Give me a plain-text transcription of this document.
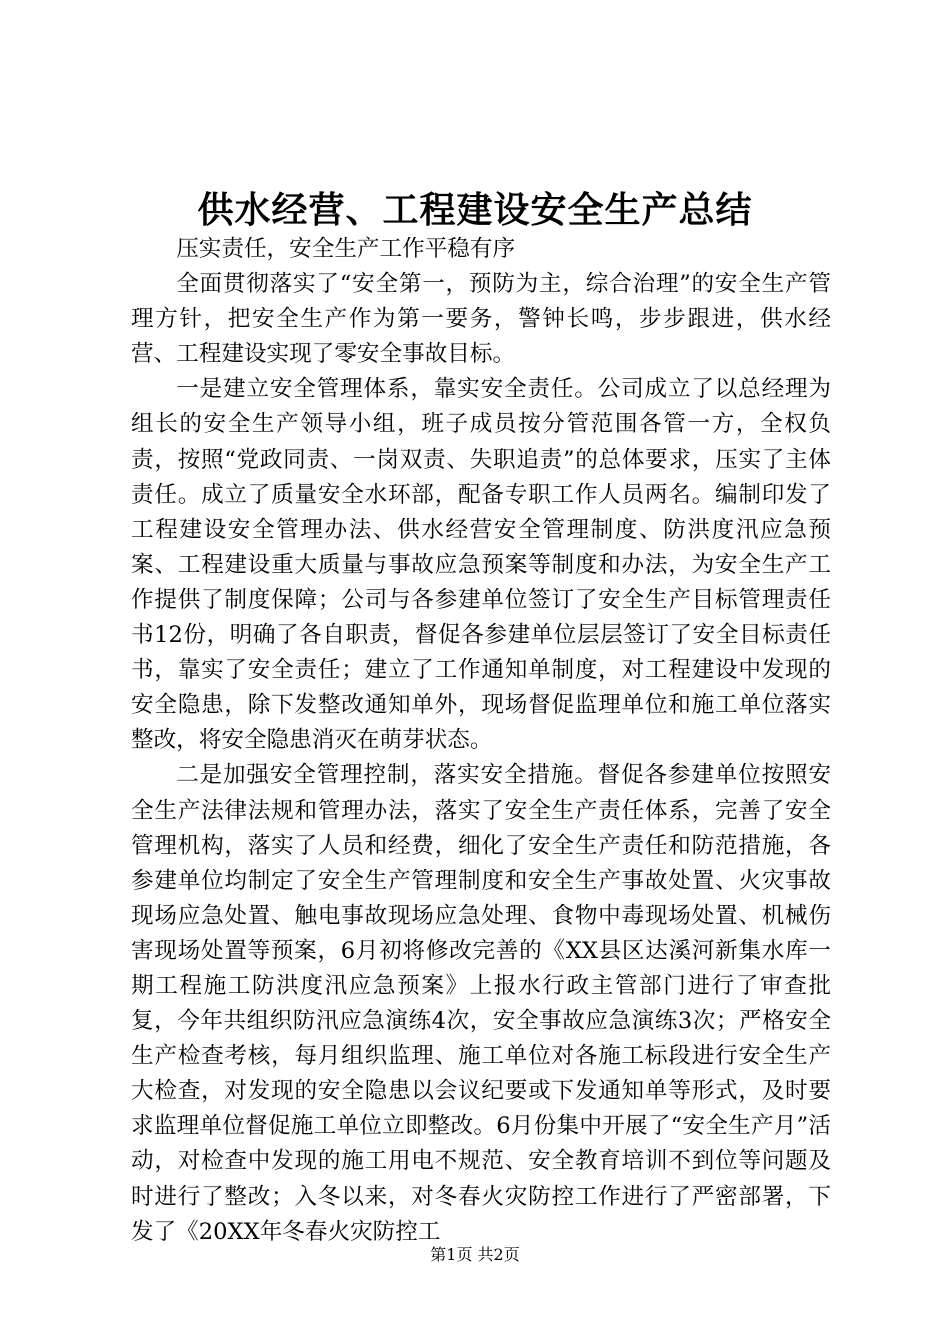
供水经营、工程建设安全生产总结

压实责任，安全生产工作平稳有序

全面贯彻落实了“安全第一，预防为主，综合治理”的安全生产管理方针，把安全生产作为第一要务，警钟长鸣，步步跟进，供水经营、工程建设实现了零安全事故目标。

一是建立安全管理体系，靠实安全责任。公司成立了以总经理为组长的安全生产领导小组，班子成员按分管范围各管一方，全权负责，按照“党政同责、一岗双责、失职追责”的总体要求，压实了主体责任。成立了质量安全水环部，配备专职工作人员两名。编制印发了工程建设安全管理办法、供水经营安全管理制度、防洪度汛应急预案、工程建设重大质量与事故应急预案等制度和办法，为安全生产工作提供了制度保障；公司与各参建单位签订了安全生产目标管理责任书12份，明确了各自职责，督促各参建单位层层签订了安全目标责任书，靠实了安全责任；建立了工作通知单制度，对工程建设中发现的安全隐患，除下发整改通知单外，现场督促监理单位和施工单位落实整改，将安全隐患消灭在萌芽状态。

二是加强安全管理控制，落实安全措施。督促各参建单位按照安全生产法律法规和管理办法，落实了安全生产责任体系，完善了安全管理机构，落实了人员和经费，细化了安全生产责任和防范措施，各参建单位均制定了安全生产管理制度和安全生产事故处置、火灾事故现场应急处置、触电事故现场应急处理、食物中毒现场处置、机械伤害现场处置等预案，6月初将修改完善的《XX县区达溪河新集水库一期工程施工防洪度汛应急预案》上报水行政主管部门进行了审查批复，今年共组织防汛应急演练4次，安全事故应急演练3次；严格安全生产检查考核，每月组织监理、施工单位对各施工标段进行安全生产大检查，对发现的安全隐患以会议纪要或下发通知单等形式，及时要求监理单位督促施工单位立即整改。6月份集中开展了“安全生产月”活动，对检查中发现的施工用电不规范、安全教育培训不到位等问题及时进行了整改；入冬以来，对冬春火灾防控工作进行了严密部署，下发了《20XX年冬春火灾防控工

第1页 共2页
